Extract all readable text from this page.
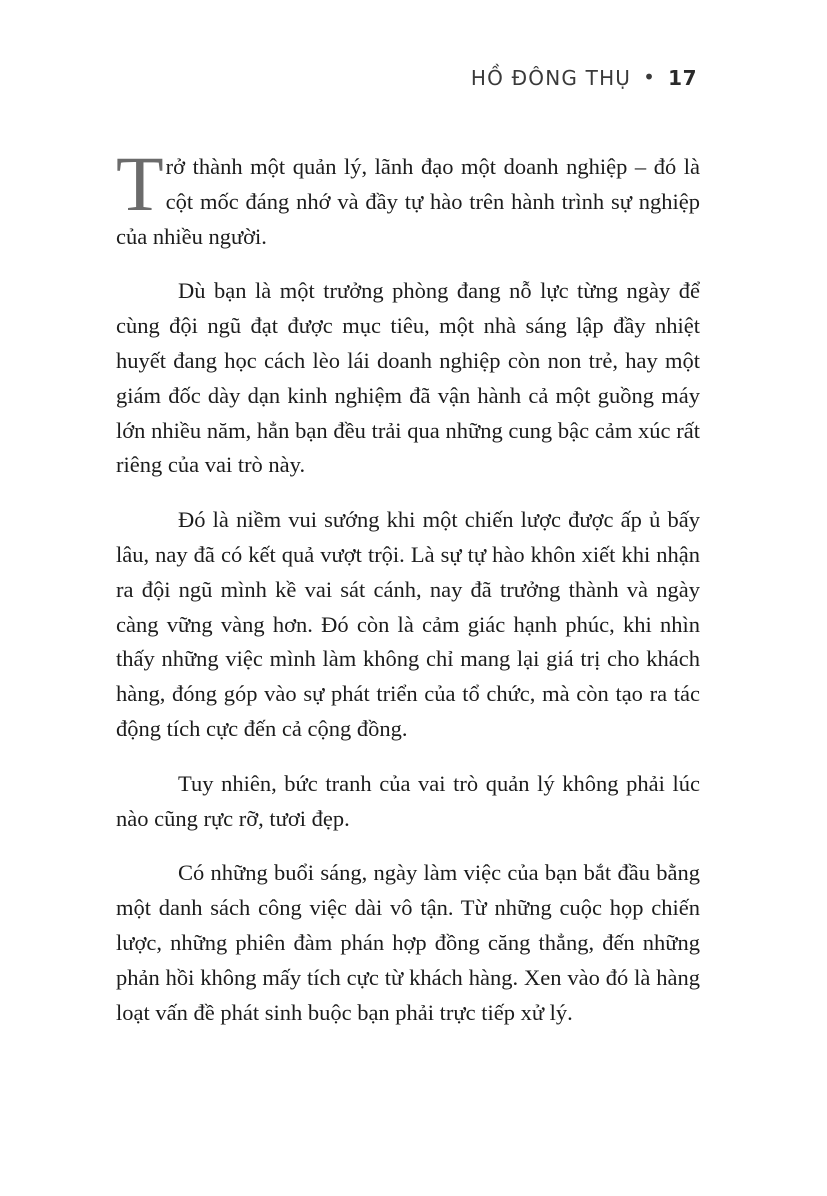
HỒ ĐÔNG THỤ • 17

Trở thành một quản lý, lãnh đạo một doanh nghiệp – đó là cột mốc đáng nhớ và đầy tự hào trên hành trình sự nghiệp của nhiều người.

Dù bạn là một trưởng phòng đang nỗ lực từng ngày để cùng đội ngũ đạt được mục tiêu, một nhà sáng lập đầy nhiệt huyết đang học cách lèo lái doanh nghiệp còn non trẻ, hay một giám đốc dày dạn kinh nghiệm đã vận hành cả một guồng máy lớn nhiều năm, hẳn bạn đều trải qua những cung bậc cảm xúc rất riêng của vai trò này.

Đó là niềm vui sướng khi một chiến lược được ấp ủ bấy lâu, nay đã có kết quả vượt trội. Là sự tự hào khôn xiết khi nhận ra đội ngũ mình kề vai sát cánh, nay đã trưởng thành và ngày càng vững vàng hơn. Đó còn là cảm giác hạnh phúc, khi nhìn thấy những việc mình làm không chỉ mang lại giá trị cho khách hàng, đóng góp vào sự phát triển của tổ chức, mà còn tạo ra tác động tích cực đến cả cộng đồng.

Tuy nhiên, bức tranh của vai trò quản lý không phải lúc nào cũng rực rỡ, tươi đẹp.

Có những buổi sáng, ngày làm việc của bạn bắt đầu bằng một danh sách công việc dài vô tận. Từ những cuộc họp chiến lược, những phiên đàm phán hợp đồng căng thẳng, đến những phản hồi không mấy tích cực từ khách hàng. Xen vào đó là hàng loạt vấn đề phát sinh buộc bạn phải trực tiếp xử lý.
